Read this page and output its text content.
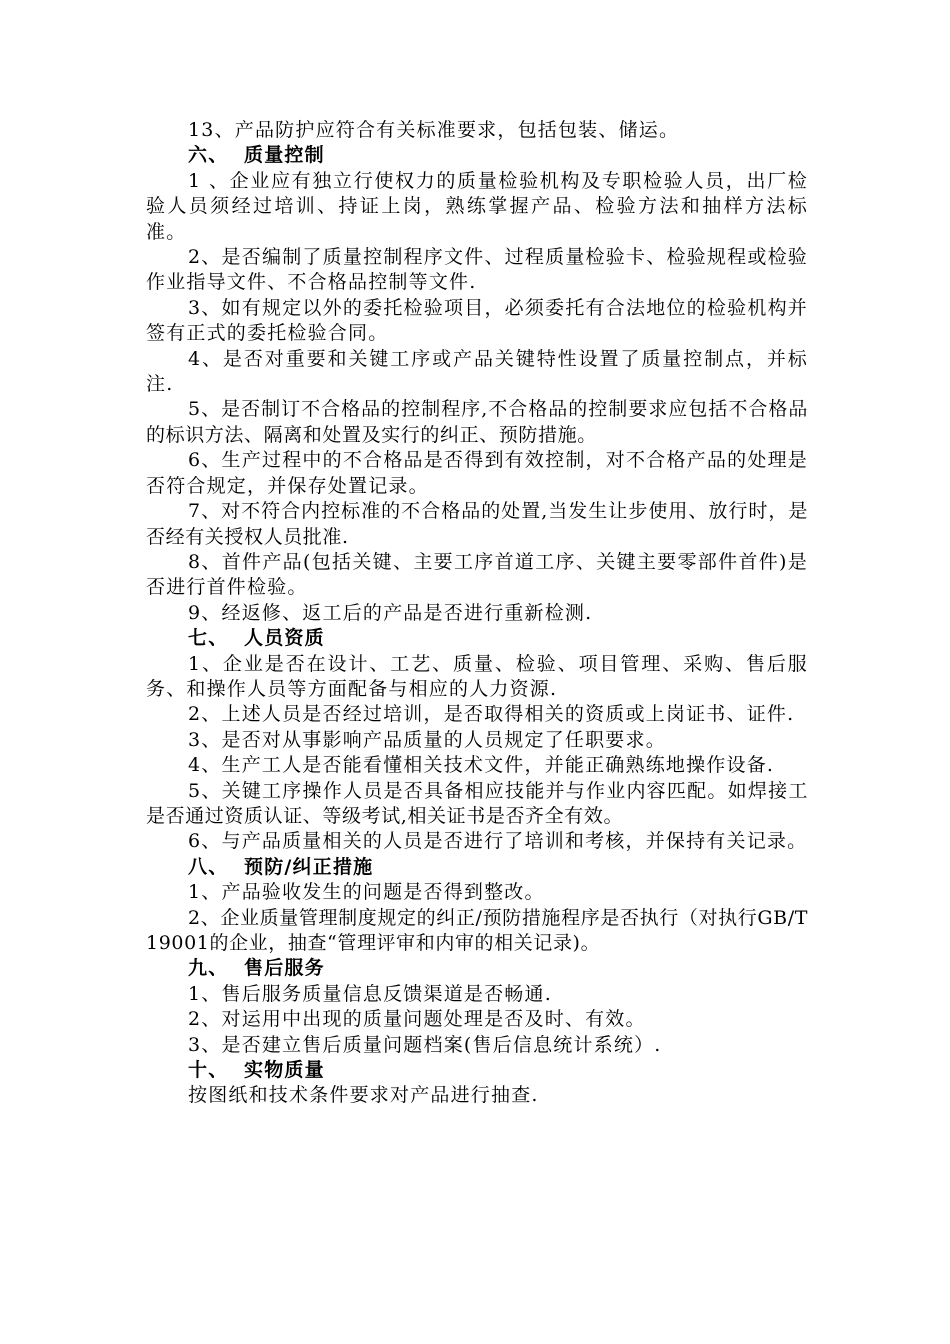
13、产品防护应符合有关标准要求，包括包装、储运。

六、 质量控制

1 、企业应有独立行使权力的质量检验机构及专职检验人员，出厂检验人员须经过培训、持证上岗，熟练掌握产品、检验方法和抽样方法标准。

2、是否编制了质量控制程序文件、过程质量检验卡、检验规程或检验作业指导文件、不合格品控制等文件.

3、如有规定以外的委托检验项目，必须委托有合法地位的检验机构并签有正式的委托检验合同。

4、是否对重要和关键工序或产品关键特性设置了质量控制点，并标注.

5、是否制订不合格品的控制程序,不合格品的控制要求应包括不合格品的标识方法、隔离和处置及实行的纠正、预防措施。

6、生产过程中的不合格品是否得到有效控制，对不合格产品的处理是否符合规定，并保存处置记录。

7、对不符合内控标准的不合格品的处置,当发生让步使用、放行时，是否经有关授权人员批准.

8、首件产品(包括关键、主要工序首道工序、关键主要零部件首件)是否进行首件检验。

9、经返修、返工后的产品是否进行重新检测.

七、 人员资质

1、企业是否在设计、工艺、质量、检验、项目管理、采购、售后服务、和操作人员等方面配备与相应的人力资源.

2、上述人员是否经过培训，是否取得相关的资质或上岗证书、证件.

3、是否对从事影响产品质量的人员规定了任职要求。

4、生产工人是否能看懂相关技术文件，并能正确熟练地操作设备.

5、关键工序操作人员是否具备相应技能并与作业内容匹配。如焊接工是否通过资质认证、等级考试,相关证书是否齐全有效。

6、与产品质量相关的人员是否进行了培训和考核，并保持有关记录。

八、 预防/纠正措施

1、产品验收发生的问题是否得到整改。

2、企业质量管理制度规定的纠正/预防措施程序是否执行（对执行GB/T19001的企业，抽查“管理评审和内审的相关记录)。

九、 售后服务

1、售后服务质量信息反馈渠道是否畅通.

2、对运用中出现的质量问题处理是否及时、有效。

3、是否建立售后质量问题档案(售后信息统计系统）.

十、 实物质量

按图纸和技术条件要求对产品进行抽查.
